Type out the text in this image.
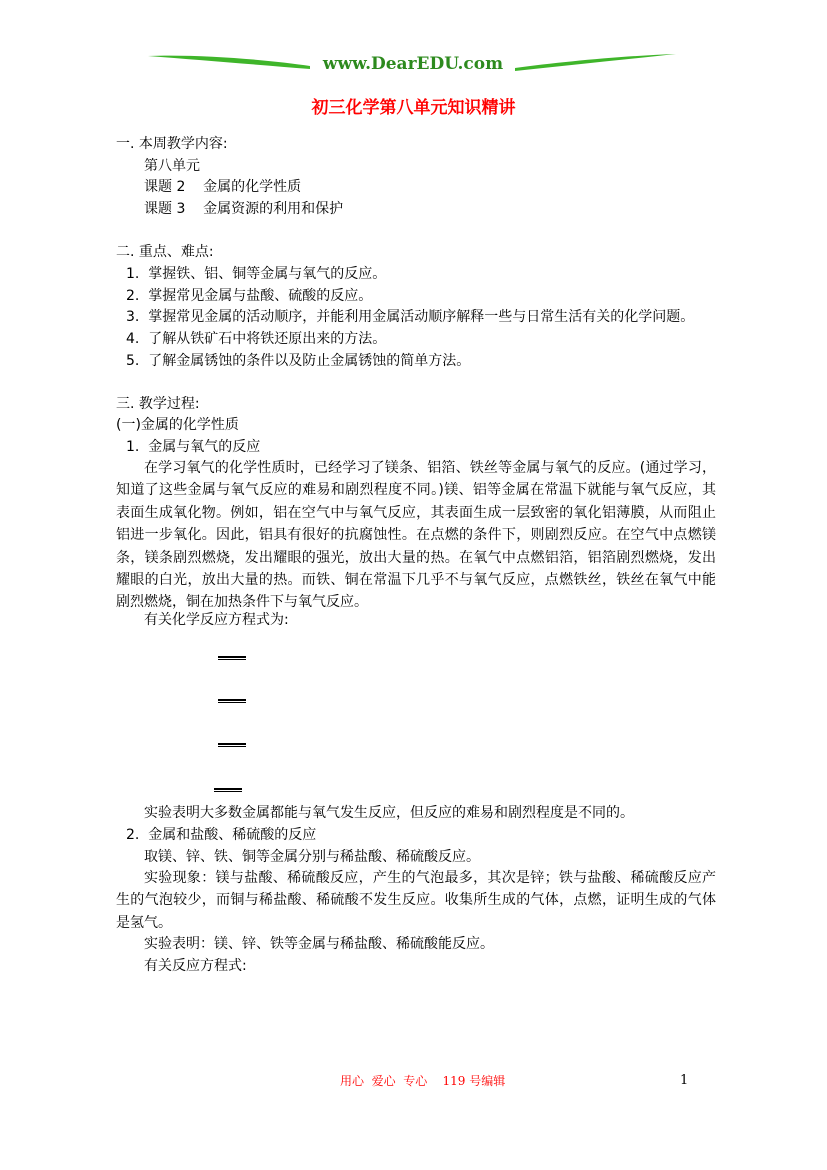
www.DearEDU.com
初三化学第八单元知识精讲
一. 本周教学内容:
第八单元
课题 2    金属的化学性质
课题 3    金属资源的利用和保护
二. 重点、难点:
1.  掌握铁、铝、铜等金属与氧气的反应。
2.  掌握常见金属与盐酸、硫酸的反应。
3.  掌握常见金属的活动顺序，并能利用金属活动顺序解释一些与日常生活有关的化学问题。
4.  了解从铁矿石中将铁还原出来的方法。
5.  了解金属锈蚀的条件以及防止金属锈蚀的简单方法。
三. 教学过程:
(一)金属的化学性质
1.  金属与氧气的反应
在学习氧气的化学性质时，已经学习了镁条、铝箔、铁丝等金属与氧气的反应。(通过学习，知道了这些金属与氧气反应的难易和剧烈程度不同。)镁、铝等金属在常温下就能与氧气反应，其表面生成氧化物。例如，铝在空气中与氧气反应，其表面生成一层致密的氧化铝薄膜，从而阻止铝进一步氧化。因此，铝具有很好的抗腐蚀性。在点燃的条件下，则剧烈反应。在空气中点燃镁条，镁条剧烈燃烧，发出耀眼的强光，放出大量的热。在氧气中点燃铝箔，铝箔剧烈燃烧，发出耀眼的白光，放出大量的热。而铁、铜在常温下几乎不与氧气反应，点燃铁丝，铁丝在氧气中能剧烈燃烧，铜在加热条件下与氧气反应。
有关化学反应方程式为:
实验表明大多数金属都能与氧气发生反应，但反应的难易和剧烈程度是不同的。
2.  金属和盐酸、稀硫酸的反应
取镁、锌、铁、铜等金属分别与稀盐酸、稀硫酸反应。
实验现象：镁与盐酸、稀硫酸反应，产生的气泡最多，其次是锌；铁与盐酸、稀硫酸反应产生的气泡较少，而铜与稀盐酸、稀硫酸不发生反应。收集所生成的气体，点燃，证明生成的气体是氢气。
实验表明：镁、锌、铁等金属与稀盐酸、稀硫酸能反应。
有关反应方程式:
用心  爱心  专心    119 号编辑	1
